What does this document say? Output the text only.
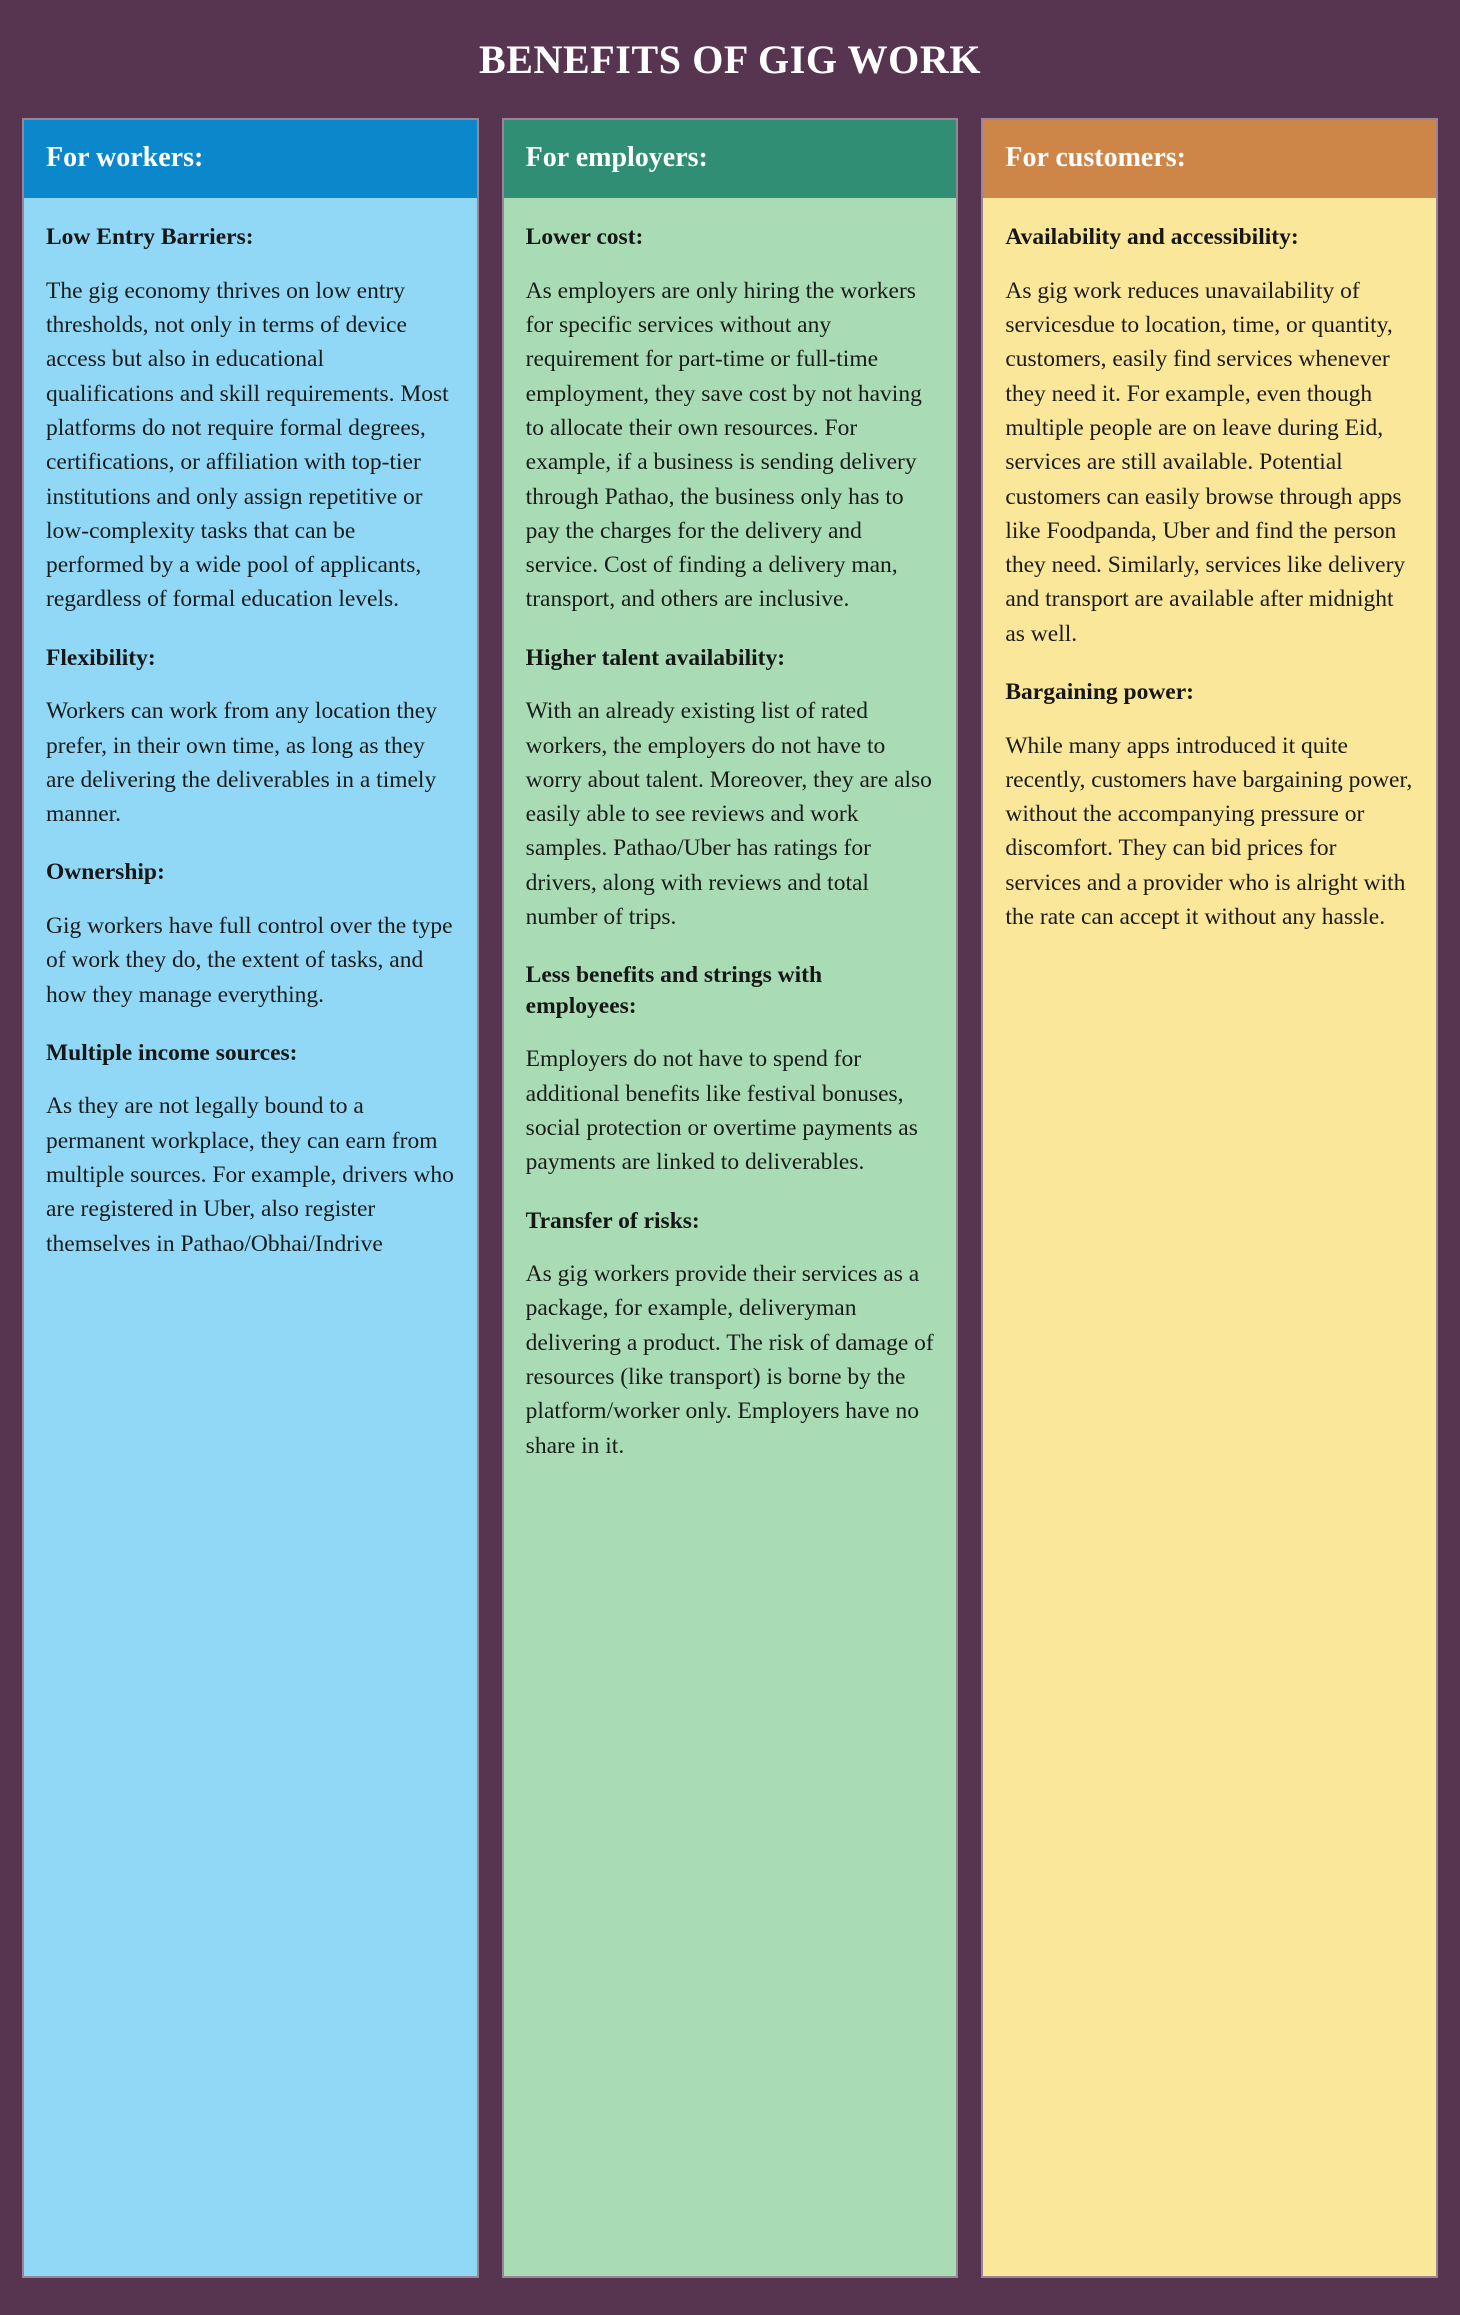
BENEFITS OF GIG WORK
For workers:
Low Entry Barriers:
The gig economy thrives on low entry thresholds, not only in terms of device access but also in educational qualifications and skill requirements. Most platforms do not require formal degrees, certifications, or affiliation with top-tier institutions and only assign repetitive or low-complexity tasks that can be performed by a wide pool of applicants, regardless of formal education levels.
Flexibility:
Workers can work from any location they prefer, in their own time, as long as they are delivering the deliverables in a timely manner.
Ownership:
Gig workers have full control over the type of work they do, the extent of tasks, and how they manage everything.
Multiple income sources:
As they are not legally bound to a permanent workplace, they can earn from multiple sources. For example, drivers who are registered in Uber, also register themselves in Pathao/Obhai/Indrive
For employers:
Lower cost:
As employers are only hiring the workers for specific services without any requirement for part-time or full-time employment, they save cost by not having to allocate their own resources. For example, if a business is sending delivery through Pathao, the business only has to pay the charges for the delivery and service. Cost of finding a delivery man, transport, and others are inclusive.
Higher talent availability:
With an already existing list of rated workers, the employers do not have to worry about talent. Moreover, they are also easily able to see reviews and work samples. Pathao/Uber has ratings for drivers, along with reviews and total number of trips.
Less benefits and strings with employees:
Employers do not have to spend for additional benefits like festival bonuses, social protection or overtime payments as payments are linked to deliverables.
Transfer of risks:
As gig workers provide their services as a package, for example, deliveryman delivering a product. The risk of damage of resources (like transport) is borne by the platform/worker only. Employers have no share in it.
For customers:
Availability and accessibility:
As gig work reduces unavailability of servicesdue to location, time, or quantity, customers, easily find services whenever they need it. For example, even though multiple people are on leave during Eid, services are still available. Potential customers can easily browse through apps like Foodpanda, Uber and find the person they need. Similarly, services like delivery and transport are available after midnight as well.
Bargaining power:
While many apps introduced it quite recently, customers have bargaining power, without the accompanying pressure or discomfort. They can bid prices for services and a provider who is alright with the rate can accept it without any hassle.
